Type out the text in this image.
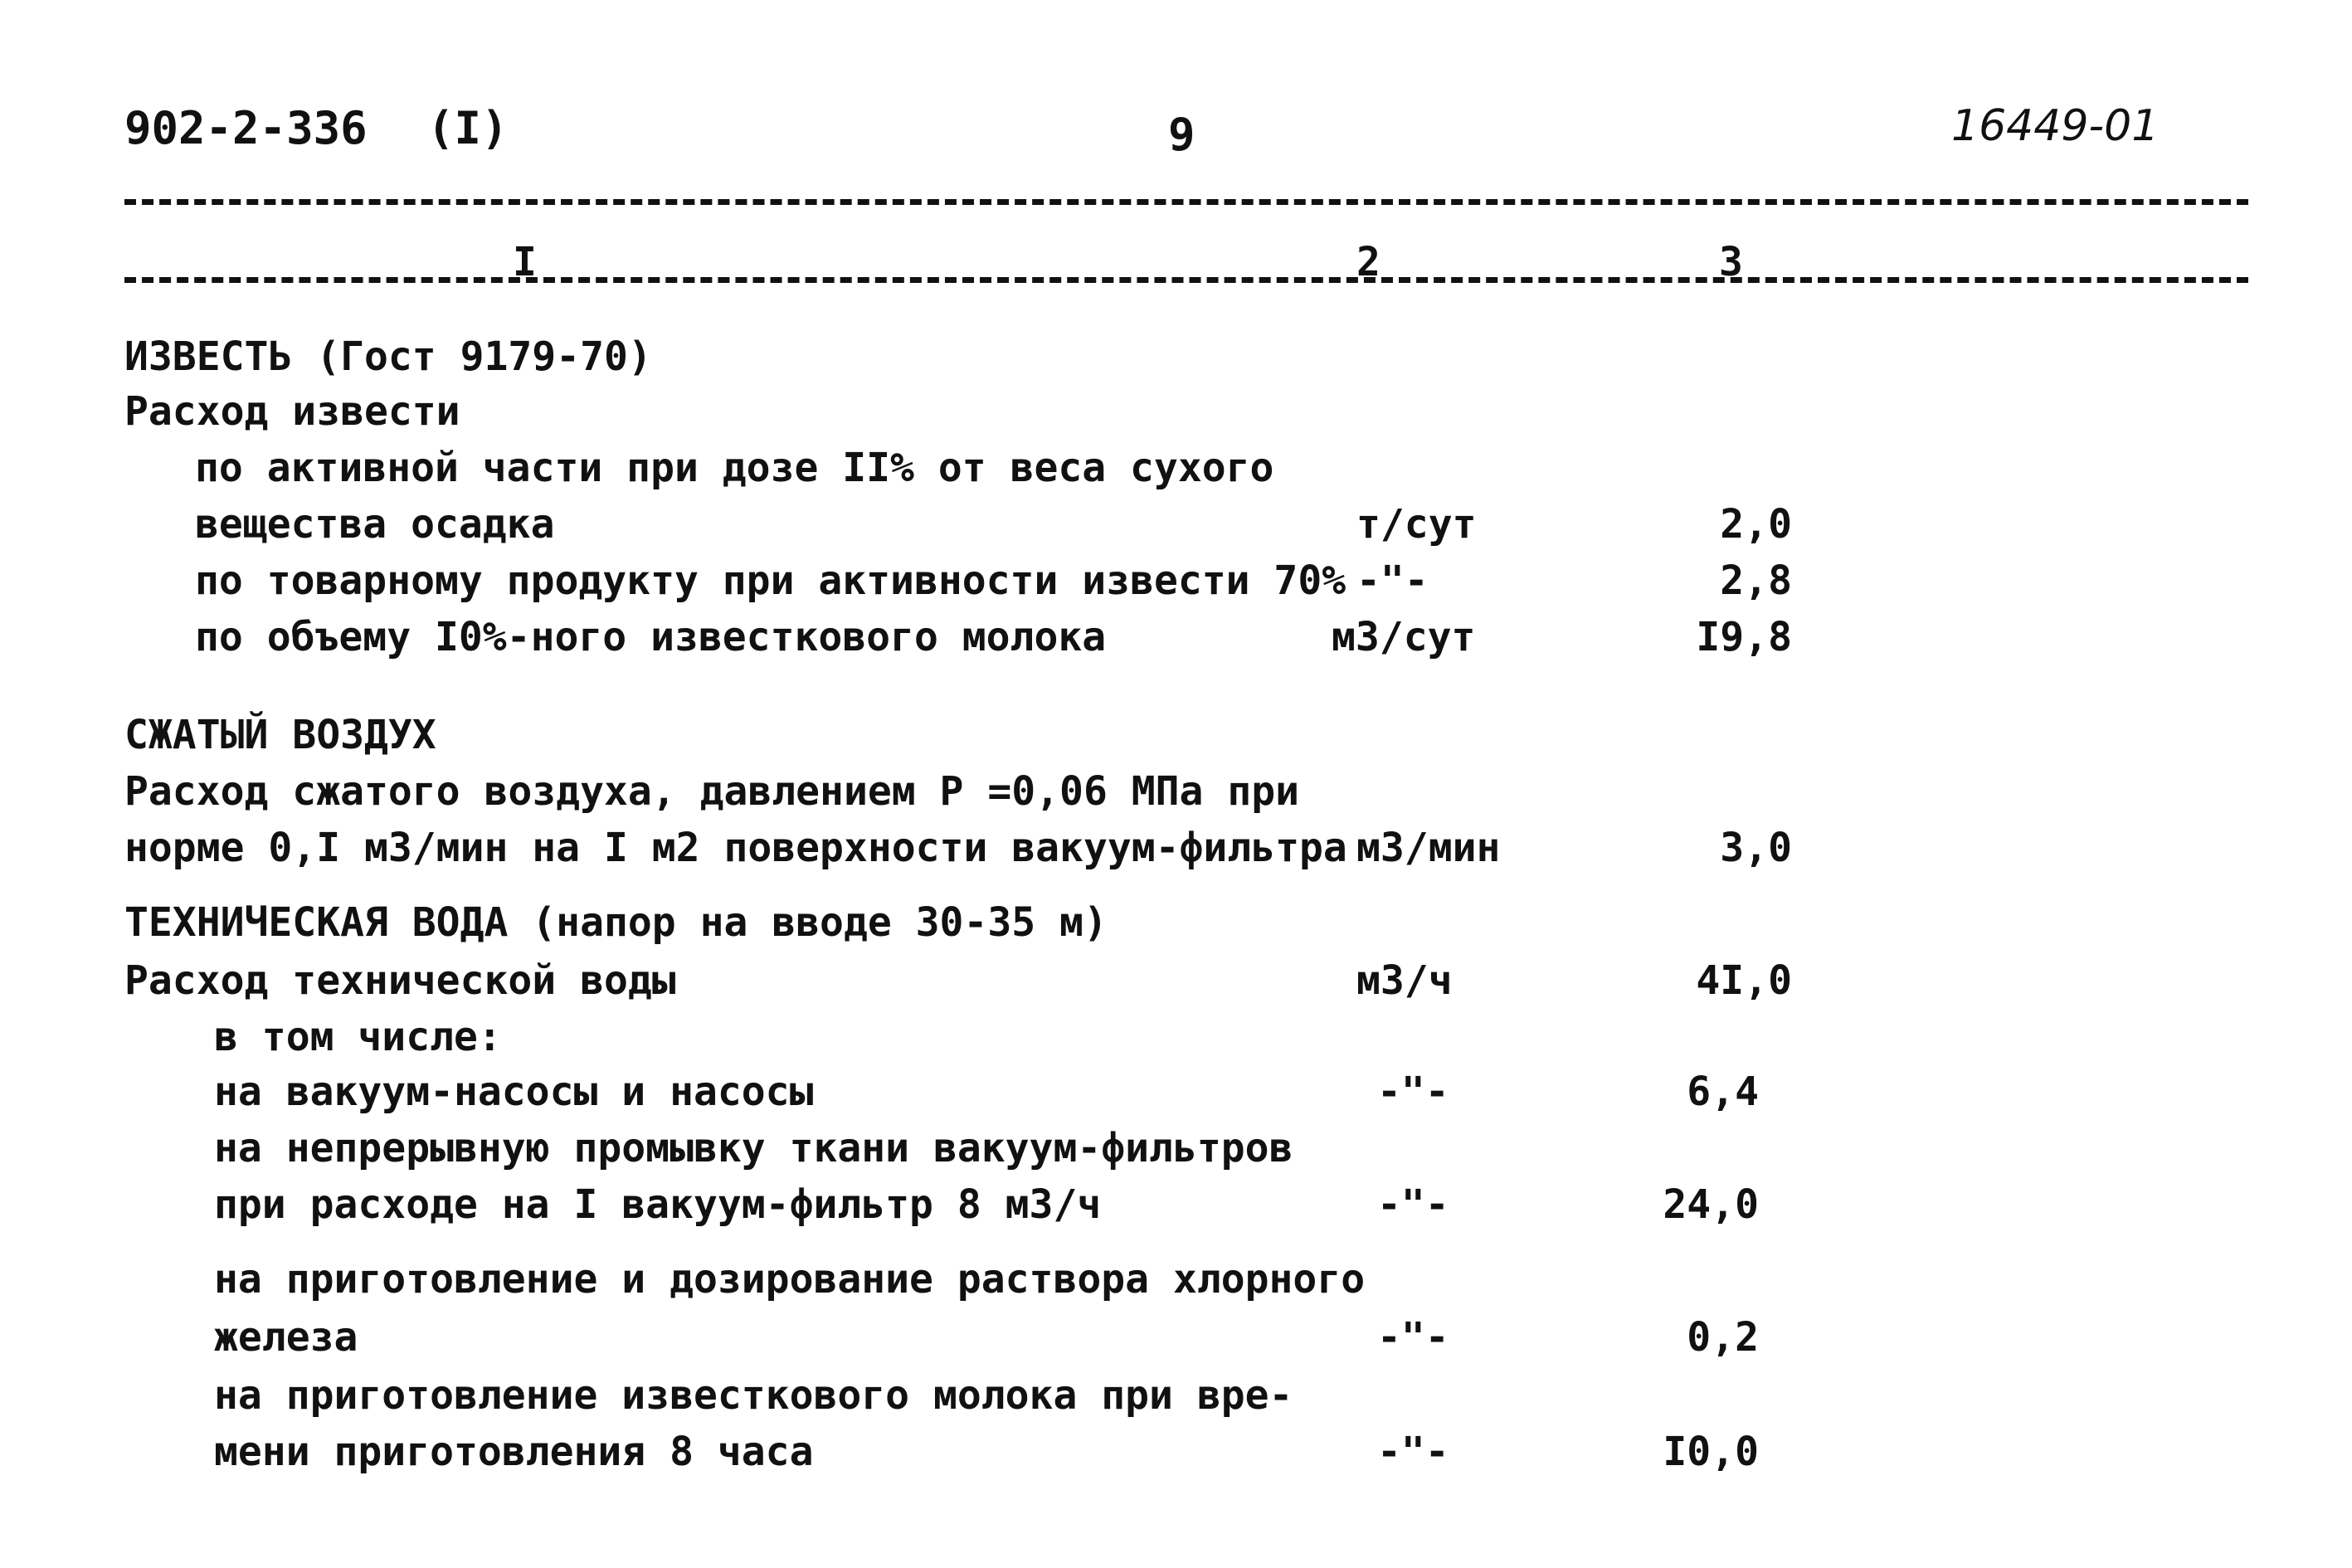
902-2-336 (I)	9	16449-01
I	2	3
ИЗВЕСТЬ (Гост 9179-70)
Расход извести
по активной части при дозе II% от веса сухого
вещества осадка	т/сут	2,0
по товарному продукту при активности извести 70% -"-	2,8
по объему I0%-ного известкового молока	м3/сут	I9,8
СЖАТЫЙ ВОЗДУХ
Расход сжатого воздуха, давлением P =0,06 МПа при
норме 0,I м3/мин на I м2 поверхности вакуум-фильтра м3/мин	3,0
ТЕХНИЧЕСКАЯ ВОДА (напор на вводе 30-35 м)
Расход технической воды	м3/ч	4I,0
в том числе:
на вакуум-насосы и насосы	-"-	6,4
на непрерывную промывку ткани вакуум-фильтров
при расходе на I вакуум-фильтр 8 м3/ч	-"-	24,0
на приготовление и дозирование раствора хлорного
железа	-"-	0,2
на приготовление известкового молока при вре-
мени приготовления 8 часа	-"-	I0,0
